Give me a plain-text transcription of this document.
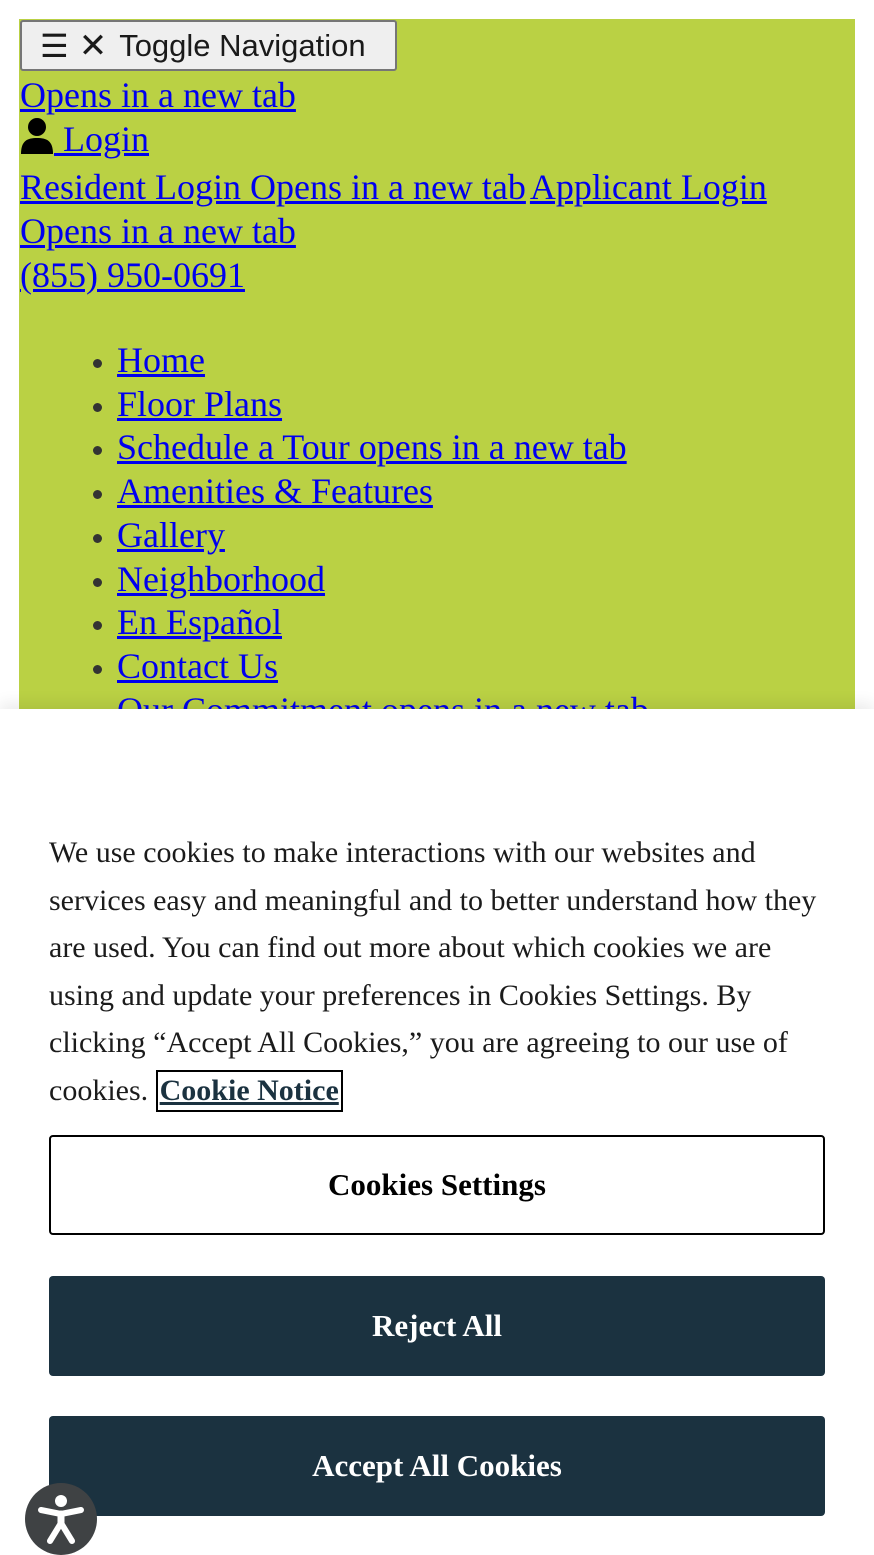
☰ ✕ Toggle Navigation
Opens in a new tab
Login
Resident Login Opens in a new tab Applicant Login
Opens in a new tab
(855) 950-0691
• Home
• Floor Plans
• Schedule a Tour opens in a new tab
• Amenities & Features
• Gallery
• Neighborhood
• En Español
• Contact Us
•
We use cookies to make interactions with our websites and services easy and meaningful and to better understand how they are used. You can find out more about which cookies we are using and update your preferences in Cookies Settings. By clicking “Accept All Cookies,” you are agreeing to our use of cookies. Cookie Notice
Cookies Settings
Reject All
Accept All Cookies
